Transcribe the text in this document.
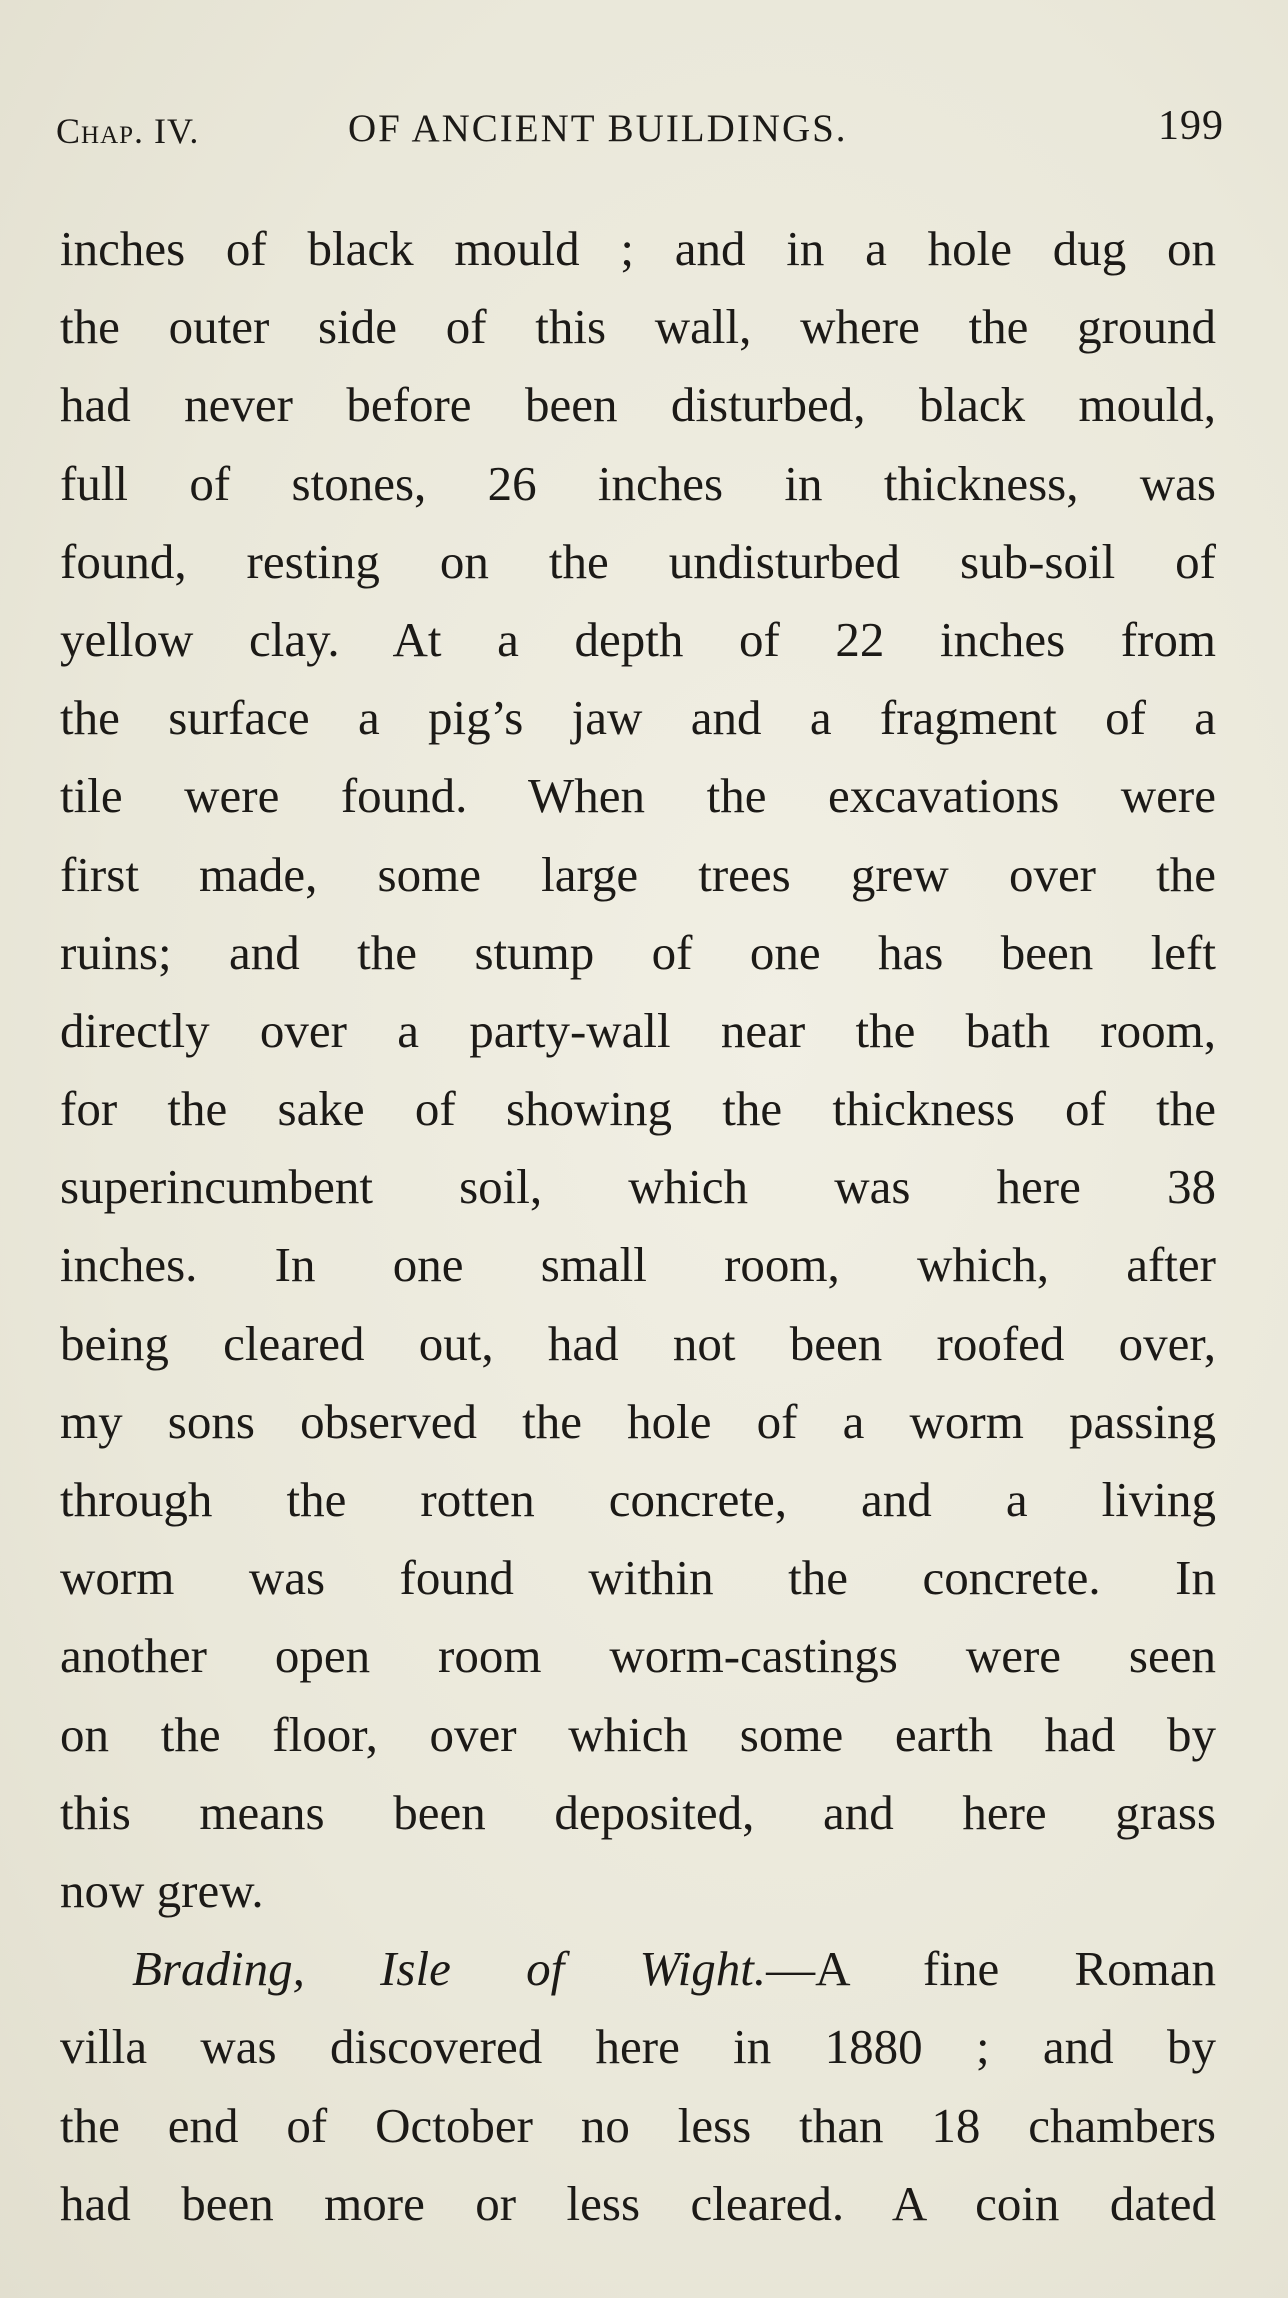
Chap. IV.	OF ANCIENT BUILDINGS.	199
inches of black mould ; and in a hole dug on
the outer side of this wall, where the ground
had never before been disturbed, black mould,
full of stones, 26 inches in thickness, was
found, resting on the undisturbed sub-soil of
yellow clay. At a depth of 22 inches from
the surface a pig’s jaw and a fragment of a
tile were found. When the excavations were
first made, some large trees grew over the
ruins; and the stump of one has been left
directly over a party-wall near the bath room,
for the sake of showing the thickness of the
superincumbent soil, which was here 38
inches. In one small room, which, after
being cleared out, had not been roofed over,
my sons observed the hole of a worm passing
through the rotten concrete, and a living
worm was found within the concrete. In
another open room worm-castings were seen
on the floor, over which some earth had by
this means been deposited, and here grass
now grew.
Brading, Isle of Wight.—A fine Roman
villa was discovered here in 1880 ; and by
the end of October no less than 18 chambers
had been more or less cleared. A coin dated
